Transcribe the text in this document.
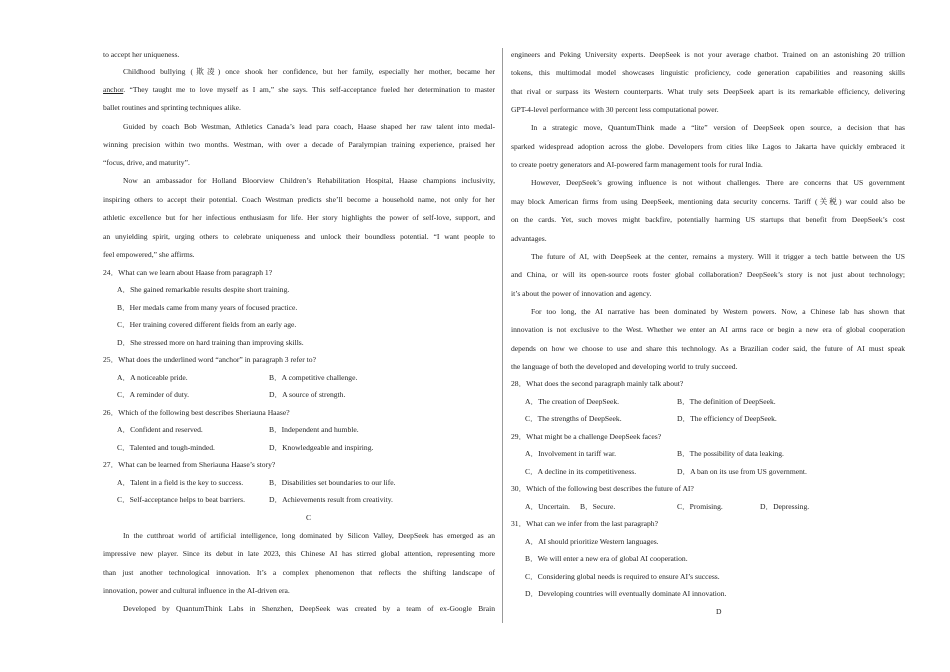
to accept her uniqueness.
Childhood bullying (欺凌) once shook her confidence, but her family, especially her mother, became her
anchor. “They taught me to love myself as I am,” she says. This self-acceptance fueled her determination to master
ballet routines and sprinting techniques alike.
Guided by coach Bob Westman, Athletics Canada’s lead para coach, Haase shaped her raw talent into medal-
winning precision within two months. Westman, with over a decade of Paralympian training experience, praised her
“focus, drive, and maturity”.
Now an ambassador for Holland Bloorview Children’s Rehabilitation Hospital, Haase champions inclusivity,
inspiring others to accept their potential. Coach Westman predicts she’ll become a household name, not only for her
athletic excellence but for her infectious enthusiasm for life. Her story highlights the power of self-love, support, and
an unyielding spirit, urging others to celebrate uniqueness and unlock their boundless potential. “I want people to
feel empowered,” she affirms.
24．What can we learn about Haase from paragraph 1?
A．She gained remarkable results despite short training.
B．Her medals came from many years of focused practice.
C．Her training covered different fields from an early age.
D．She stressed more on hard training than improving skills.
25．What does the underlined word “anchor” in paragraph 3 refer to?
A．A noticeable pride.	B．A competitive challenge.
C．A reminder of duty.	D．A source of strength.
26．Which of the following best describes Sheriauna Haase?
A．Confident and reserved.	B．Independent and humble.
C．Talented and tough-minded.	D．Knowledgeable and inspiring.
27．What can be learned from Sheriauna Haase’s story?
A．Talent in a field is the key to success.	B．Disabilities set boundaries to our life.
C．Self-acceptance helps to beat barriers.	D．Achievements result from creativity.
C
In the cutthroat world of artificial intelligence, long dominated by Silicon Valley, DeepSeek has emerged as an
impressive new player. Since its debut in late 2023, this Chinese AI has stirred global attention, representing more
than just another technological innovation. It’s a complex phenomenon that reflects the shifting landscape of
innovation, power and cultural influence in the AI-driven era.
Developed by QuantumThink Labs in Shenzhen, DeepSeek was created by a team of ex-Google Brain
engineers and Peking University experts. DeepSeek is not your average chatbot. Trained on an astonishing 20 trillion
tokens, this multimodal model showcases linguistic proficiency, code generation capabilities and reasoning skills
that rival or surpass its Western counterparts. What truly sets DeepSeek apart is its remarkable efficiency, delivering
GPT-4-level performance with 30 percent less computational power.
In a strategic move, QuantumThink made a “lite” version of DeepSeek open source, a decision that has
sparked widespread adoption across the globe. Developers from cities like Lagos to Jakarta have quickly embraced it
to create poetry generators and AI-powered farm management tools for rural India.
However, DeepSeek’s growing influence is not without challenges. There are concerns that US government
may block American firms from using DeepSeek, mentioning data security concerns. Tariff (关税) war could also be
on the cards. Yet, such moves might backfire, potentially harming US startups that benefit from DeepSeek’s cost
advantages.
The future of AI, with DeepSeek at the center, remains a mystery. Will it trigger a tech battle between the US
and China, or will its open-source roots foster global collaboration? DeepSeek’s story is not just about technology;
it’s about the power of innovation and agency.
For too long, the AI narrative has been dominated by Western powers. Now, a Chinese lab has shown that
innovation is not exclusive to the West. Whether we enter an AI arms race or begin a new era of global cooperation
depends on how we choose to use and share this technology. As a Brazilian coder said, the future of AI must speak
the language of both the developed and developing world to truly succeed.
28．What does the second paragraph mainly talk about?
A．The creation of DeepSeek.	B．The definition of DeepSeek.
C．The strengths of DeepSeek.	D．The efficiency of DeepSeek.
29．What might be a challenge DeepSeek faces?
A．Involvement in tariff war.	B．The possibility of data leaking.
C．A decline in its competitiveness.	D．A ban on its use from US government.
30．Which of the following best describes the future of AI?
A．Uncertain. B．Secure.	C．Promising.	D．Depressing.
31．What can we infer from the last paragraph?
A．AI should prioritize Western languages.
B．We will enter a new era of global AI cooperation.
C．Considering global needs is required to ensure AI’s success.
D．Developing countries will eventually dominate AI innovation.
D
